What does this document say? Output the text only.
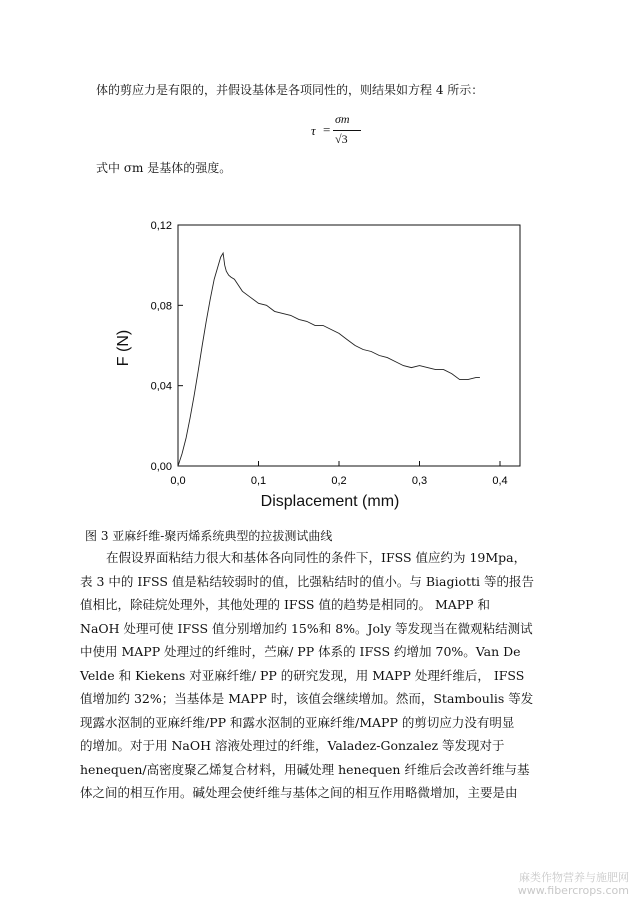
体的剪应力是有限的，并假设基体是各项同性的，则结果如方程 4 所示：
τ =
σm
√3
式中 σm 是基体的强度。
0,0	0,1	0,2	0,3	0,4
0,00
0,04
0,08
0,12
Displacement (mm)
F (N)
图 3 亚麻纤维-聚丙烯系统典型的拉拔测试曲线
在假设界面粘结力很大和基体各向同性的条件下，IFSS 值应约为 19Mpa，
表 3 中的 IFSS 值是粘结较弱时的值，比强粘结时的值小。与 Biagiotti 等的报告
值相比，除硅烷处理外，其他处理的 IFSS 值的趋势是相同的。 MAPP 和
NaOH 处理可使 IFSS 值分别增加约 15%和 8%。Joly 等发现当在微观粘结测试
中使用 MAPP 处理过的纤维时，苎麻/ PP 体系的 IFSS 约增加 70%。Van De
Velde 和 Kiekens 对亚麻纤维/ PP 的研究发现，用 MAPP 处理纤维后， IFSS
值增加约 32%；当基体是 MAPP 时，该值会继续增加。然而，Stamboulis 等发
现露水沤制的亚麻纤维/PP 和露水沤制的亚麻纤维/MAPP 的剪切应力没有明显
的增加。对于用 NaOH 溶液处理过的纤维，Valadez-Gonzalez 等发现对于
henequen/高密度聚乙烯复合材料，用碱处理 henequen 纤维后会改善纤维与基
体之间的相互作用。碱处理会使纤维与基体之间的相互作用略微增加，主要是由
麻类作物营养与施肥网
www.fibercrops.com
